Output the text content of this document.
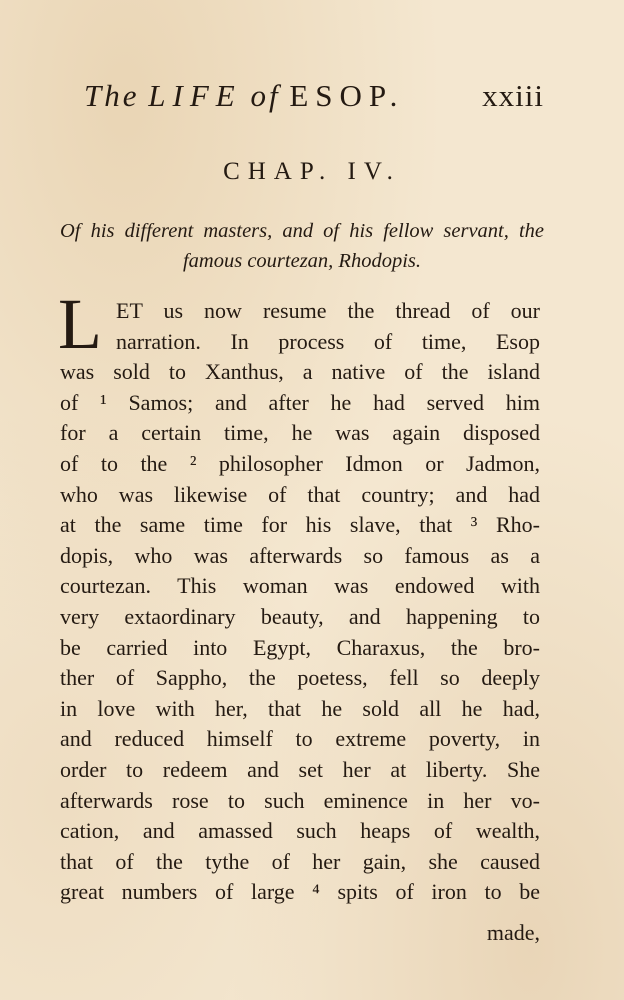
The LIFE of ESOP.	xxiii
CHAP. IV.
Of his different masters, and of his fellow servant, the
famous courtezan, Rhodopis.
L ET us now resume the thread of our
narration. In process of time, Esop
was sold to Xanthus, a native of the island
of ¹ Samos; and after he had served him
for a certain time, he was again disposed
of to the ² philosopher Idmon or Jadmon,
who was likewise of that country; and had
at the same time for his slave, that ³ Rho-
dopis, who was afterwards so famous as a
courtezan. This woman was endowed with
very extaordinary beauty, and happening to
be carried into Egypt, Charaxus, the bro-
ther of Sappho, the poetess, fell so deeply
in love with her, that he sold all he had,
and reduced himself to extreme poverty, in
order to redeem and set her at liberty. She
afterwards rose to such eminence in her vo-
cation, and amassed such heaps of wealth,
that of the tythe of her gain, she caused
great numbers of large ⁴ spits of iron to be
made,
